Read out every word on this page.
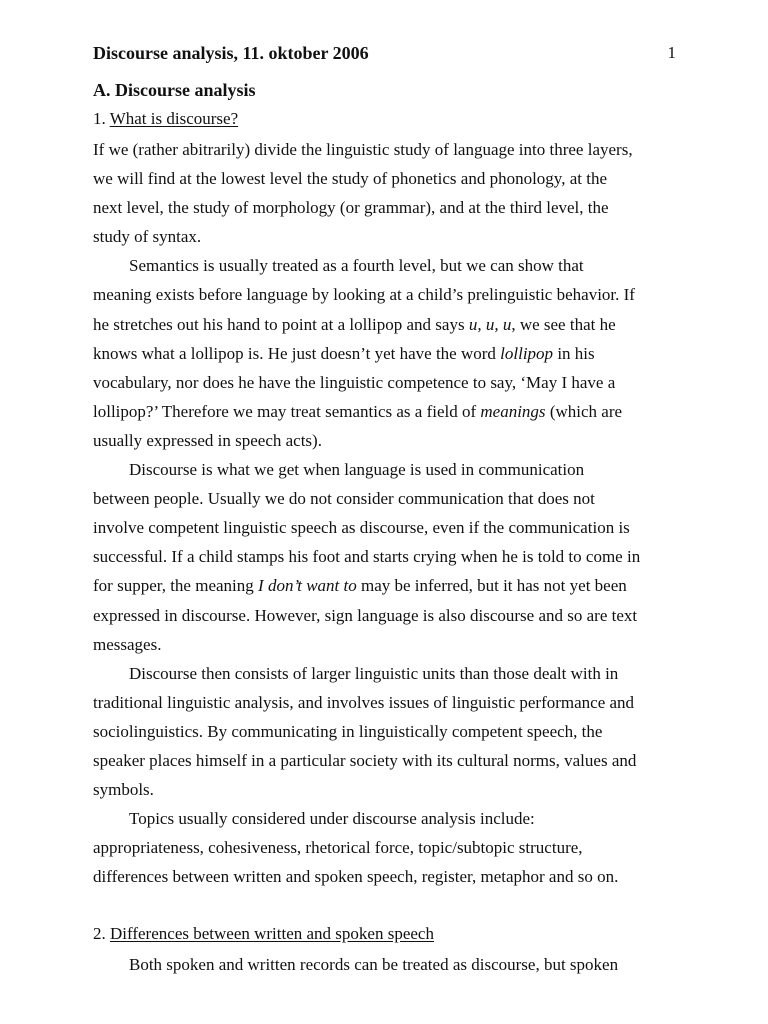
Discourse analysis, 11. oktober 2006	1
A. Discourse analysis
1. What is discourse?
If we (rather abitrarily) divide the linguistic study of language into three layers,
we will find at the lowest level the study of phonetics and phonology, at the
next level, the study of morphology (or grammar), and at the third level, the
study of syntax.
Semantics is usually treated as a fourth level, but we can show that
meaning exists before language by looking at a child’s prelinguistic behavior. If
he stretches out his hand to point at a lollipop and says u, u, u, we see that he
knows what a lollipop is. He just doesn’t yet have the word lollipop in his
vocabulary, nor does he have the linguistic competence to say, ‘May I have a
lollipop?’ Therefore we may treat semantics as a field of meanings (which are
usually expressed in speech acts).
Discourse is what we get when language is used in communication
between people. Usually we do not consider communication that does not
involve competent linguistic speech as discourse, even if the communication is
successful. If a child stamps his foot and starts crying when he is told to come in
for supper, the meaning I don’t want to may be inferred, but it has not yet been
expressed in discourse. However, sign language is also discourse and so are text
messages.
Discourse then consists of larger linguistic units than those dealt with in
traditional linguistic analysis, and involves issues of linguistic performance and
sociolinguistics. By communicating in linguistically competent speech, the
speaker places himself in a particular society with its cultural norms, values and
symbols.
Topics usually considered under discourse analysis include:
appropriateness, cohesiveness, rhetorical force, topic/subtopic structure,
differences between written and spoken speech, register, metaphor and so on.
2. Differences between written and spoken speech
Both spoken and written records can be treated as discourse, but spoken
